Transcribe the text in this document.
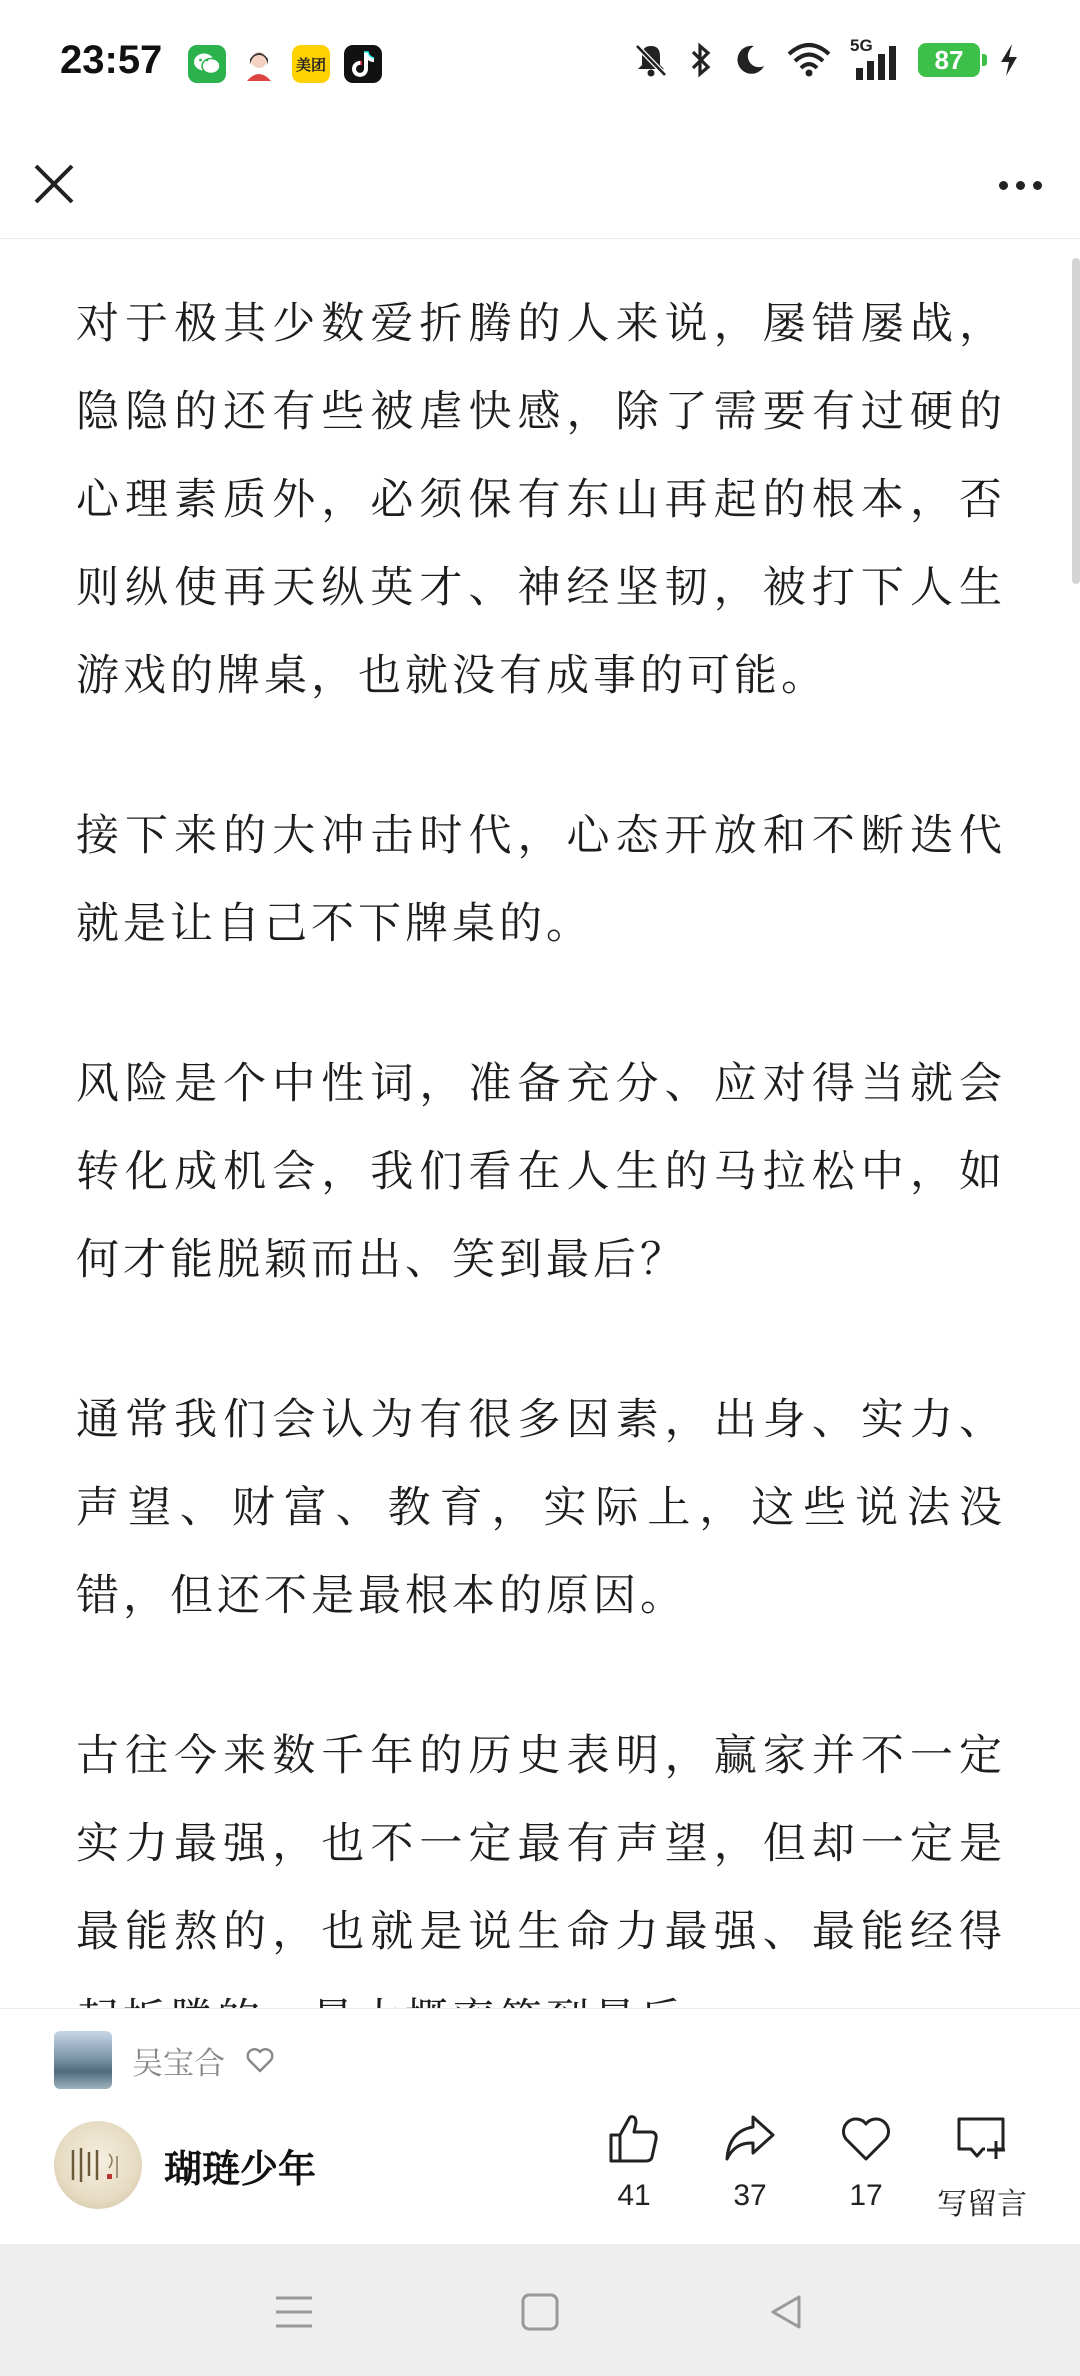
23:57	美团
5G	87

对于极其少数爱折腾的人来说，屡错屡战，隐隐的还有些被虐快感，除了需要有过硬的心理素质外，必须保有东山再起的根本，否则纵使再天纵英才、神经坚韧，被打下人生游戏的牌桌，也就没有成事的可能。

接下来的大冲击时代，心态开放和不断迭代就是让自己不下牌桌的。

风险是个中性词，准备充分、应对得当就会转化成机会，我们看在人生的马拉松中，如何才能脱颖而出、笑到最后？

通常我们会认为有很多因素，出身、实力、声望、财富、教育，实际上，这些说法没错，但还不是最根本的原因。

古往今来数千年的历史表明，赢家并不一定实力最强，也不一定最有声望，但却一定是最能熬的，也就是说生命力最强、最能经得

吴宝合
瑚琏少年
41	37	17 写留言
